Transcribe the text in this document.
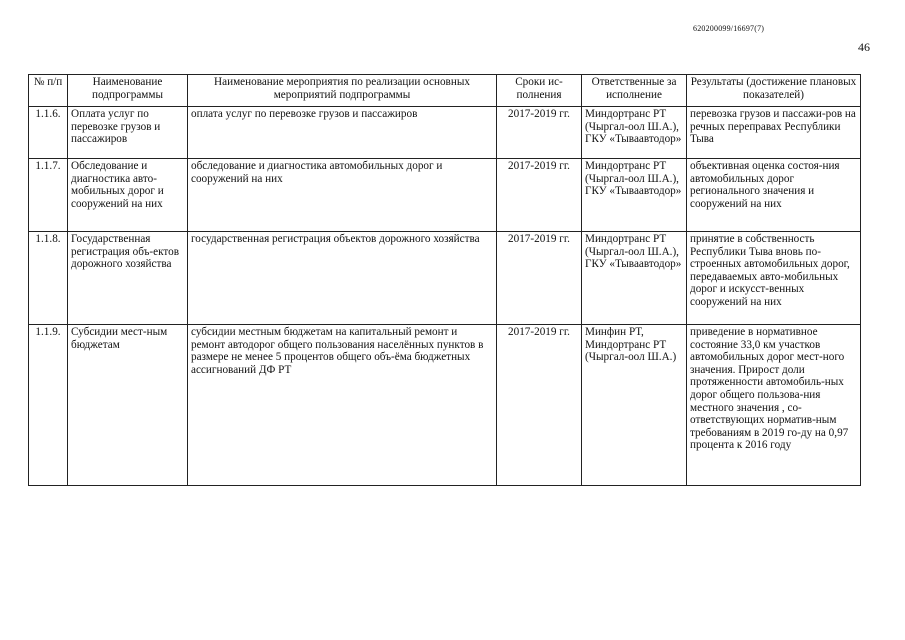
620200099/16697(7)
46
№ п/п	Наименование подпрограммы	Наименование мероприятия по реализации основных мероприятий подпрограммы	Сроки ис-полнения	Ответственные за исполнение	Результаты (достижение плановых показателей)
1.1.6.	Оплата услуг по перевозке грузов и пассажиров	оплата услуг по перевозке грузов и пассажиров	2017-2019 гг.	Миндортранс РТ (Чыргал-оол Ш.А.), ГКУ «Тываавтодор»	перевозка грузов и пассажи-ров на речных переправах Республики Тыва
1.1.7.	Обследование и диагностика авто-мобильных дорог и сооружений на них	обследование и диагностика автомобильных дорог и сооружений на них	2017-2019 гг.	Миндортранс РТ (Чыргал-оол Ш.А.), ГКУ «Тываавтодор»	объективная оценка состоя-ния автомобильных дорог регионального значения и сооружений на них
1.1.8.	Государственная регистрация объ-ектов дорожного хозяйства	государственная регистрация объектов дорожного хозяйства	2017-2019 гг.	Миндортранс РТ (Чыргал-оол Ш.А.), ГКУ «Тываавтодор»	принятие в собственность Республики Тыва вновь по-строенных автомобильных дорог, передаваемых авто-мобильных дорог и искусст-венных сооружений на них
1.1.9.	Субсидии мест-ным бюджетам	субсидии местным бюджетам на капитальный ремонт и ремонт автодорог общего пользования населённых пунктов в размере не менее 5 процентов общего объ-ёма бюджетных ассигнований ДФ РТ	2017-2019 гг.	Минфин РТ, Миндортранс РТ (Чыргал-оол Ш.А.)	приведение в нормативное состояние 33,0 км участков автомобильных дорог мест-ного значения. Прирост доли протяженности автомобиль-ных дорог общего пользова-ния местного значения , со-ответствующих норматив-ным требованиям в 2019 го-ду на 0,97 процента к 2016 году
